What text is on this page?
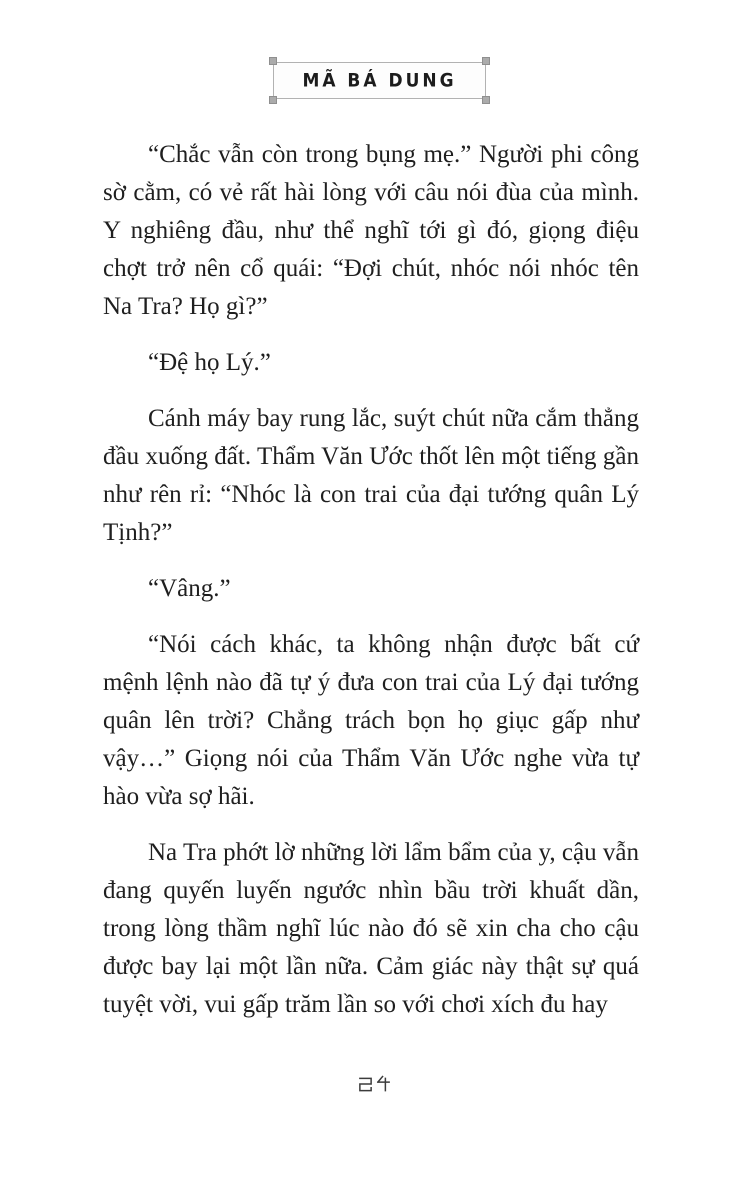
MÃ BÁ DUNG

“Chắc vẫn còn trong bụng mẹ.” Người phi công sờ cằm, có vẻ rất hài lòng với câu nói đùa của mình. Y nghiêng đầu, như thể nghĩ tới gì đó, giọng điệu chợt trở nên cổ quái: “Đợi chút, nhóc nói nhóc tên Na Tra? Họ gì?”

“Đệ họ Lý.”

Cánh máy bay rung lắc, suýt chút nữa cắm thẳng đầu xuống đất. Thẩm Văn Ước thốt lên một tiếng gần như rên rỉ: “Nhóc là con trai của đại tướng quân Lý Tịnh?”

“Vâng.”

“Nói cách khác, ta không nhận được bất cứ mệnh lệnh nào đã tự ý đưa con trai của Lý đại tướng quân lên trời? Chẳng trách bọn họ giục gấp như vậy…” Giọng nói của Thẩm Văn Ước nghe vừa tự hào vừa sợ hãi.

Na Tra phớt lờ những lời lẩm bẩm của y, cậu vẫn đang quyến luyến ngước nhìn bầu trời khuất dần, trong lòng thầm nghĩ lúc nào đó sẽ xin cha cho cậu được bay lại một lần nữa. Cảm giác này thật sự quá tuyệt vời, vui gấp trăm lần so với chơi xích đu hay
